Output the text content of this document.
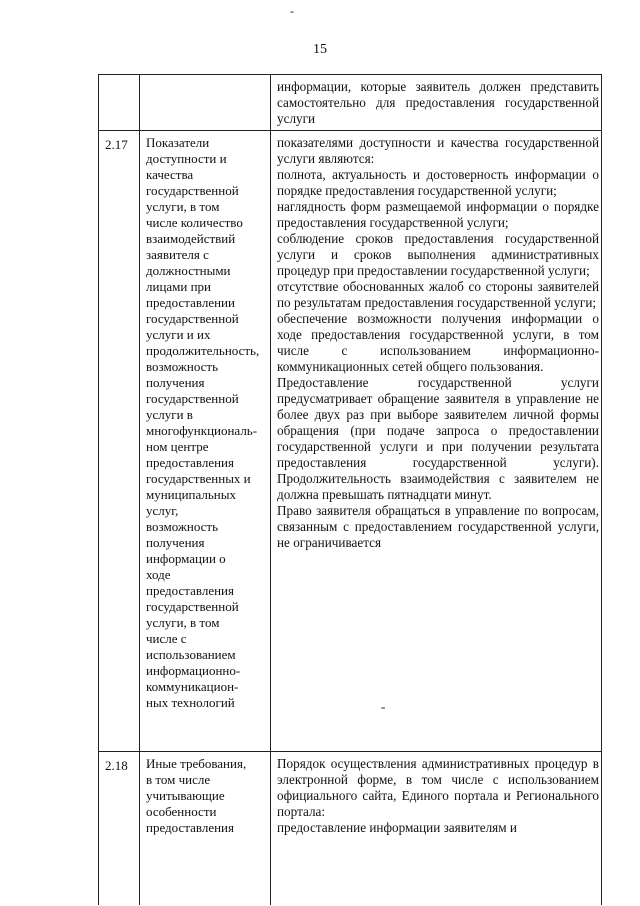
-
15

информации, которые заявитель должен представить самостоятельно для предоставления государственной услуги

2.17	Показатели
доступности и
качества
государственной
услуги, в том
числе количество
взаимодействий
заявителя с
должностными
лицами при
предоставлении
государственной
услуги и их
продолжительность,
возможность
получения
государственной
услуги в
многофункциональ-
ном центре
предоставления
государственных и
муниципальных
услуг,
возможность
получения
информации о
ходе
предоставления
государственной
услуги, в том
числе с
использованием
информационно-
коммуникацион-
ных технологий

показателями доступности и качества государственной услуги являются:

полнота, актуальность и достоверность информации о порядке предоставления государственной услуги;

наглядность форм размещаемой информации о порядке предоставления государственной услуги;

соблюдение сроков предоставления государственной услуги и сроков выполнения административных процедур при предоставлении государственной услуги;

отсутствие обоснованных жалоб со стороны заявителей по результатам предоставления государственной услуги;

обеспечение возможности получения информации о ходе предоставления государственной услуги, в том числе с использованием информационно-коммуникационных сетей общего пользования.

Предоставление государственной услуги предусматривает обращение заявителя в управление не более двух раз при выборе заявителем личной формы обращения (при подаче запроса о предоставлении государственной услуги и при получении результата предоставления государственной услуги). Продолжительность взаимодействия с заявителем не должна превышать пятнадцати минут.

Право заявителя обращаться в управление по вопросам, связанным с предоставлением государственной услуги, не ограничивается

-
2.18	Иные требования,
в том числе
учитывающие
особенности
предоставления

Порядок осуществления административных процедур в электронной форме, в том числе с использованием официального сайта, Единого портала и Регионального портала:

предоставление информации заявителям и
